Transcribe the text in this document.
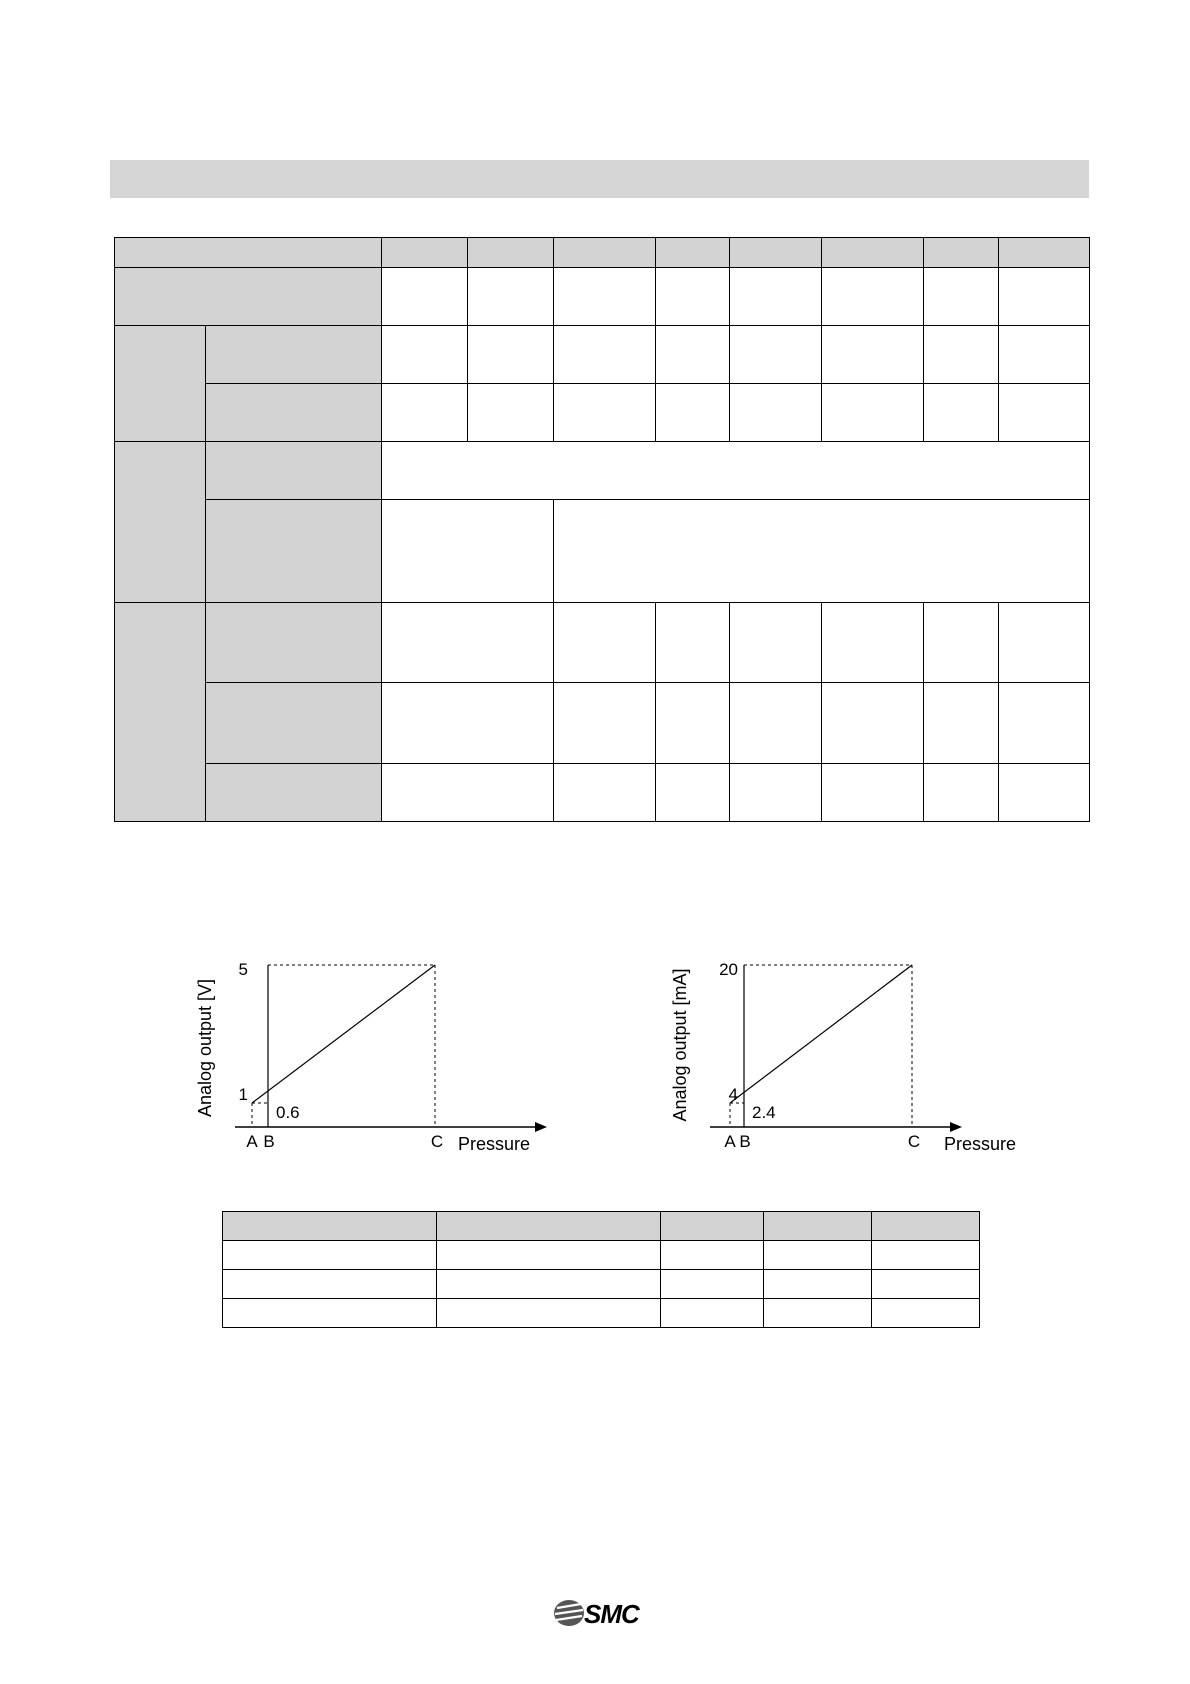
5
1
0.6
A B	C Pressure
Analog output [V]
20
4
2.4
A B	C Pressure
Analog output [mA]

SMC
